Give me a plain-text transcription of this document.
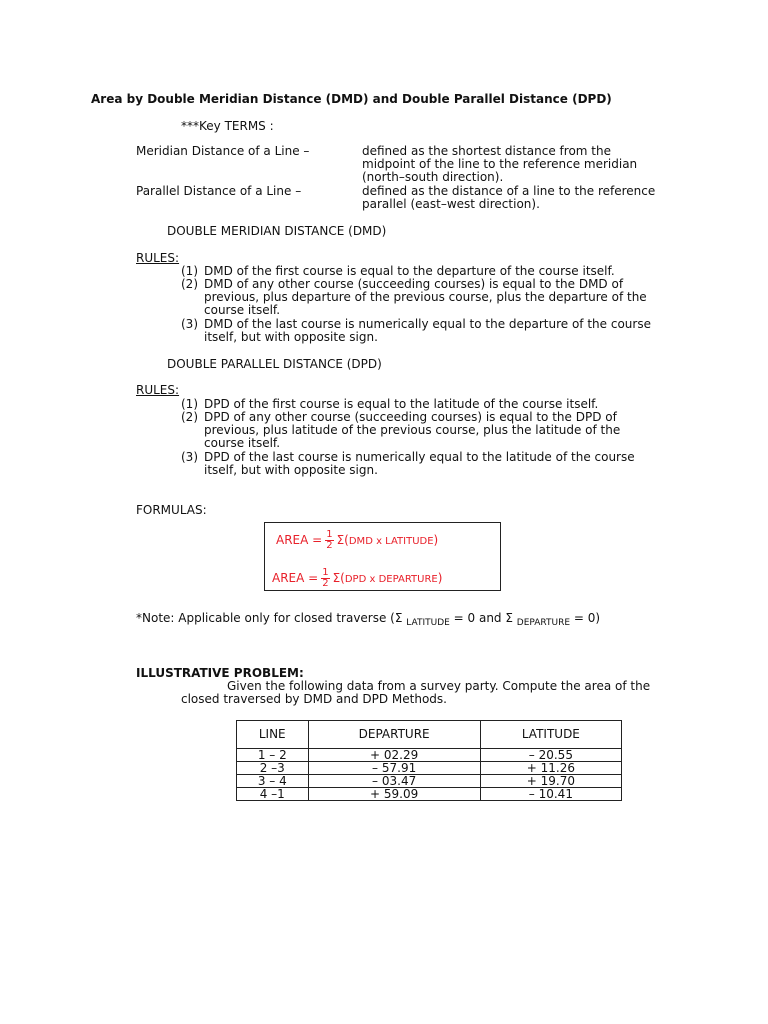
Area by Double Meridian Distance (DMD) and Double Parallel Distance (DPD)
***Key TERMS :
Meridian Distance of a Line –	defined as the shortest distance from the
midpoint of the line to the reference meridian
(north–south direction).
Parallel Distance of a Line –	defined as the distance of a line to the reference
parallel (east–west direction).
DOUBLE MERIDIAN DISTANCE (DMD)
RULES:
(1) DMD of the first course is equal to the departure of the course itself.
(2) DMD of any other course (succeeding courses) is equal to the DMD of
previous, plus departure of the previous course, plus the departure of the
course itself.
(3) DMD of the last course is numerically equal to the departure of the course
itself, but with opposite sign.
DOUBLE PARALLEL DISTANCE (DPD)
RULES:
(1) DPD of the first course is equal to the latitude of the course itself.
(2) DPD of any other course (succeeding courses) is equal to the DPD of
previous, plus latitude of the previous course, plus the latitude of the
course itself.
(3) DPD of the last course is numerically equal to the latitude of the course
itself, but with opposite sign.
FORMULAS:
AREA = $\frac{1}{2} \Sigma(DMD$ x LATITUDE)
AREA = $\frac{1}{2} \Sigma(DPD$ x DEPARTURE)
*Note: Applicable only for closed traverse (Σ $_{LATITUDE}$ = 0 and Σ $_{DEPARTURE}$ = 0)
ILLUSTRATIVE PROBLEM:
Given the following data from a survey party. Compute the area of the
closed traversed by DMD and DPD Methods.
LINE	DEPARTURE	LATITUDE
1 – 2	+ 02.29	– 20.55
2 –3	– 57.91	+ 11.26
3 – 4	– 03.47	+ 19.70
4 –1	+ 59.09	– 10.41
